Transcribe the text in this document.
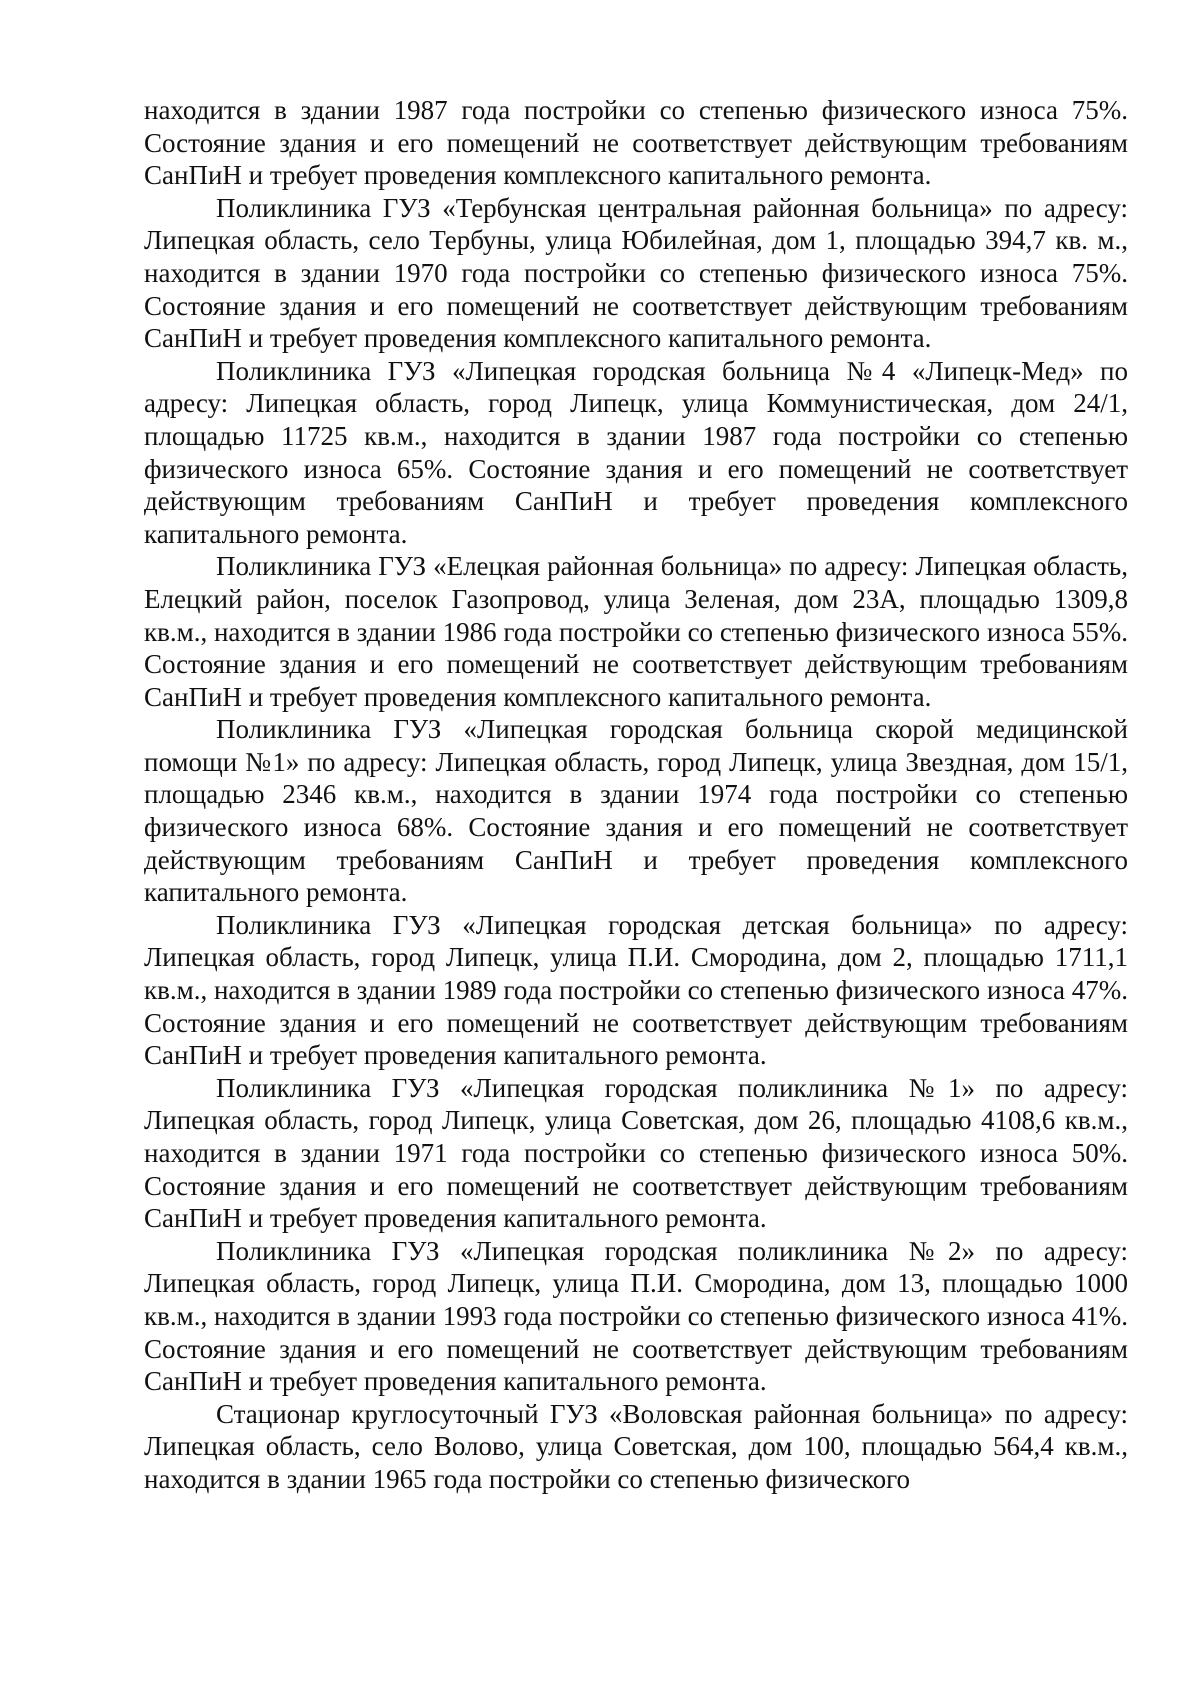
находится в здании 1987 года постройки со степенью физического износа 75%. Состояние здания и его помещений не соответствует действующим требованиям СанПиН и требует проведения комплексного капитального ремонта.

Поликлиника ГУЗ «Тербунская центральная районная больница» по адресу: Липецкая область, село Тербуны, улица Юбилейная, дом 1, площадью 394,7 кв. м., находится в здании 1970 года постройки со степенью физического износа 75%. Состояние здания и его помещений не соответствует действующим требованиям СанПиН и требует проведения комплексного капитального ремонта.

Поликлиника ГУЗ «Липецкая городская больница №4 «Липецк-Мед» по адресу: Липецкая область, город Липецк, улица Коммунистическая, дом 24/1, площадью 11725 кв.м., находится в здании 1987 года постройки со степенью физического износа 65%. Состояние здания и его помещений не соответствует действующим требованиям СанПиН и требует проведения комплексного капитального ремонта.

Поликлиника ГУЗ «Елецкая районная больница» по адресу: Липецкая область, Елецкий район, поселок Газопровод, улица Зеленая, дом 23А, площадью 1309,8 кв.м., находится в здании 1986 года постройки со степенью физического износа 55%. Состояние здания и его помещений не соответствует действующим требованиям СанПиН и требует проведения комплексного капитального ремонта.

Поликлиника ГУЗ «Липецкая городская больница скорой медицинской помощи №1» по адресу: Липецкая область, город Липецк, улица Звездная, дом 15/1, площадью 2346 кв.м., находится в здании 1974 года постройки со степенью физического износа 68%. Состояние здания и его помещений не соответствует действующим требованиям СанПиН и требует проведения комплексного капитального ремонта.

Поликлиника ГУЗ «Липецкая городская детская больница» по адресу: Липецкая область, город Липецк, улица П.И. Смородина, дом 2, площадью 1711,1 кв.м., находится в здании 1989 года постройки со степенью физического износа 47%. Состояние здания и его помещений не соответствует действующим требованиям СанПиН и требует проведения капитального ремонта.

Поликлиника ГУЗ «Липецкая городская поликлиника №1» по адресу: Липецкая область, город Липецк, улица Советская, дом 26, площадью 4108,6 кв.м., находится в здании 1971 года постройки со степенью физического износа 50%. Состояние здания и его помещений не соответствует действующим требованиям СанПиН и требует проведения капитального ремонта.

Поликлиника ГУЗ «Липецкая городская поликлиника №2» по адресу: Липецкая область, город Липецк, улица П.И. Смородина, дом 13, площадью 1000 кв.м., находится в здании 1993 года постройки со степенью физического износа 41%. Состояние здания и его помещений не соответствует действующим требованиям СанПиН и требует проведения капитального ремонта.

Стационар круглосуточный ГУЗ «Воловская районная больница» по адресу: Липецкая область, село Волово, улица Советская, дом 100, площадью 564,4 кв.м., находится в здании 1965 года постройки со степенью физического
